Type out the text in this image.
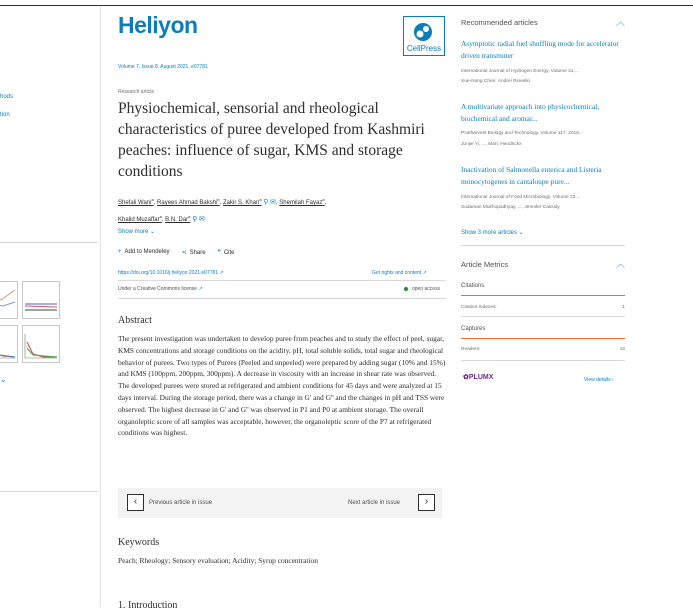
hods
tion
⌄
Heliyon
CellPress
Volume 7, Issue 8, August 2021, e07781
Research article
Physiochemical, sensorial and rheological characteristics of puree developed from Kashmiri peaches: influence of sugar, KMS and storage conditions
Shefali Wani$^a$, Rayees Ahmad Bakshi$^b$, Zakir S. Khan$^a$ ⚲ ✉, Shemilah Fayaz$^a$,
Khalid Muzaffar$^a$, B.N. Dar$^a$ ⚲ ✉
Show more ⌄
+ Add to Mendeley ⋖ Share ❞ Cite
https://doi.org/10.1016/j.heliyon.2021.e07781 ↗	Get rights and content ↗
Under a Creative Commons license ↗	open access
Abstract
The present investigation was undertaken to develop puree from peaches and to study the effect of peel, sugar, KMS concentrations and storage conditions on the acidity, pH, total soluble solids, total sugar and rheological behavior of purees. Two types of Purees (Peeled and unpeeled) were prepared by adding sugar (10% and 15%) and KMS (100ppm, 200ppm, 300ppm). A decrease in viscosity with an increase in shear rate was observed. The developed purees were stored at refrigerated and ambient conditions for 45 days and were analyzed at 15 days interval. During the storage period, there was a change in G' and G'' and the changes in pH and TSS were observed. The highest decrease in G' and G'' was observed in P1 and P0 at ambient storage. The overall organoleptic score of all samples was acceptable, however, the organoleptic score of the P7 at refrigerated conditions was highest.
‹	Previous article in issue	Next article in issue	›
Keywords
Peach; Rheology; Sensory evaluation; Acidity; Syrup concentration
1. Introduction
Recommended articles	︿
Asymptotic radial fuel shuffling mode for accelerator driven transmuter
International Journal of Hydrogen Energy, Volume 41,...
Xue-Nong Chen, Andrei Rineiski
A multivariate approach into physicochemical, biochemical and aromar...
Postharvest Biology and Technology, Volume 117, 2016...
Junjie Yi, ..., Marc Hendrickx
Inactivation of Salmonella enterica and Listeria monocytogenes in cantaloupe pure...
International Journal of Food Microbiology, Volume 23...
Sudarsan Mukhopadhyay, ..., Jennifer Cassidy
Show 3 more articles ⌄
Article Metrics	︿
Citations
Citation Indexes:	1
Captures
Readers:	15
✿PLUMX	View details ›
